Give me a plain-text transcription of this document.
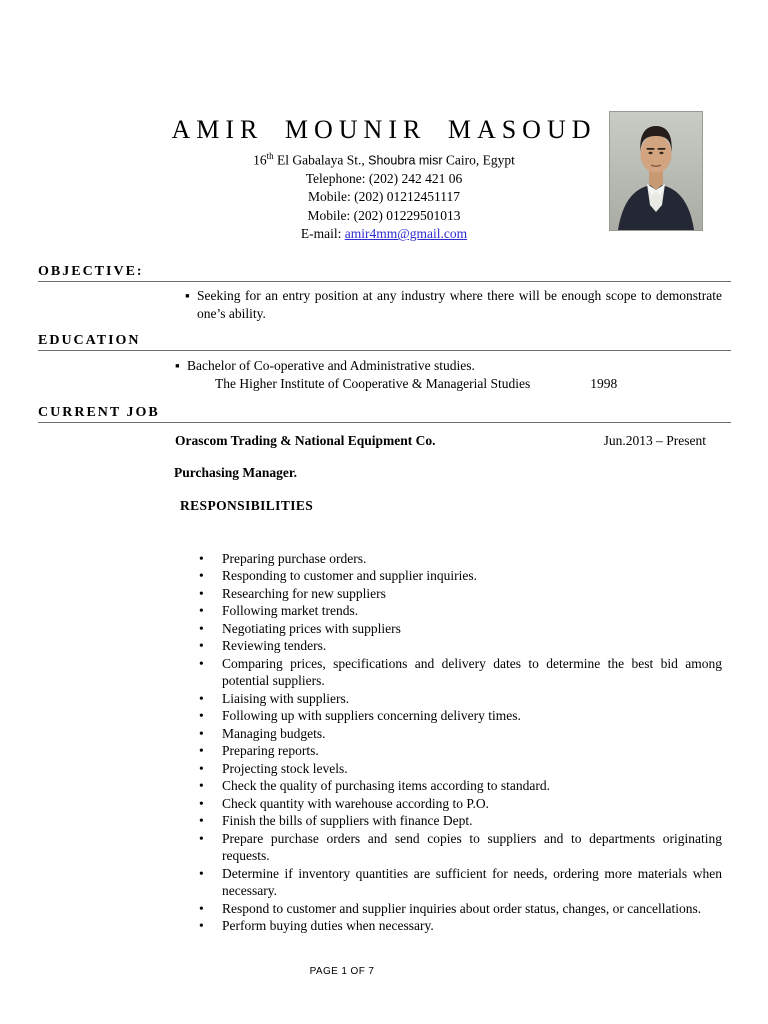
AMIR MOUNIR MASOUD
16th El Gabalaya St., Shoubra misr Cairo, Egypt
Telephone: (202) 242 421 06
Mobile: (202) 01212451117
Mobile: (202) 01229501013
E-mail: amir4mm@gmail.com
OBJECTIVE:
▪ Seeking for an entry position at any industry where there will be enough scope to demonstrate one’s ability.
EDUCATION
▪ Bachelor of Co-operative and Administrative studies.
The Higher Institute of Cooperative & Managerial Studies	1998
CURRENT JOB
Orascom Trading & National Equipment Co.	Jun.2013 – Present
Purchasing Manager.
RESPONSIBILITIES
•	Preparing purchase orders.
•	Responding to customer and supplier inquiries.
•	Researching for new suppliers
•	Following market trends.
•	Negotiating prices with suppliers
•	Reviewing tenders.
•	Comparing prices, specifications and delivery dates to determine the best bid among potential suppliers.
•	Liaising with suppliers.
•	Following up with suppliers concerning delivery times.
•	Managing budgets.
•	Preparing reports.
•	Projecting stock levels.
•	Check the quality of purchasing items according to standard.
•	Check quantity with warehouse according to P.O.
•	Finish the bills of suppliers with finance Dept.
•	Prepare purchase orders and send copies to suppliers and to departments originating requests.
•	Determine if inventory quantities are sufficient for needs, ordering more materials when necessary.
•	Respond to customer and supplier inquiries about order status, changes, or cancellations.
•	Perform buying duties when necessary.
PAGE 1 OF 7
